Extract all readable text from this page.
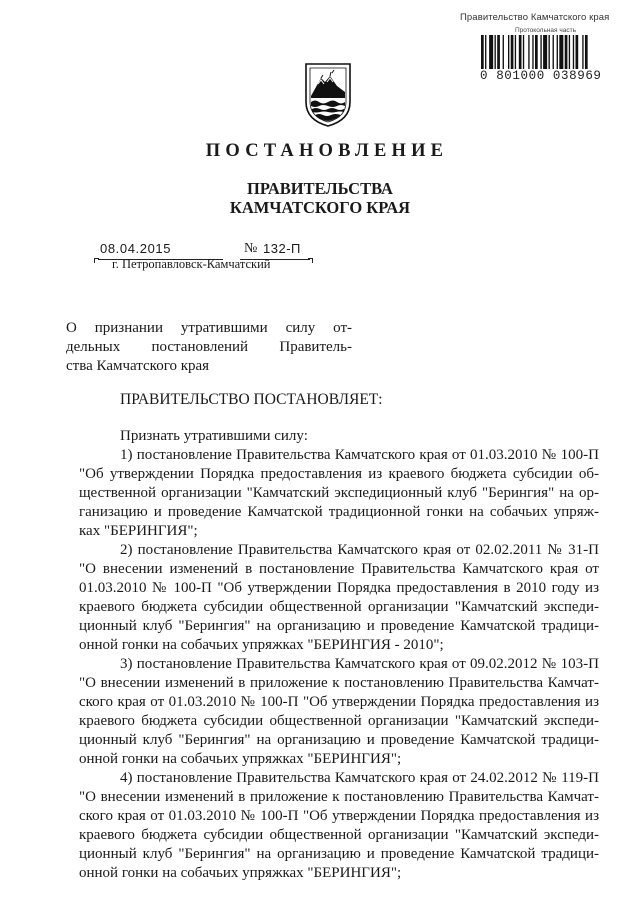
Правительство Камчатского края
Протокольная часть
0 801000 038969
ПОСТАНОВЛЕНИЕ
ПРАВИТЕЛЬСТВА
КАМЧАТСКОГО КРАЯ
08.04.2015	№ 132-П
г. Петропавловск-Камчатский
О признании утратившими силу от-
дельных постановлений Правитель-
ства Камчатского края
ПРАВИТЕЛЬСТВО ПОСТАНОВЛЯЕТ:
Признать утратившими силу:
1) постановление Правительства Камчатского края от 01.03.2010 № 100-П
"Об утверждении Порядка предоставления из краевого бюджета субсидии об-
щественной организации "Камчатский экспедиционный клуб "Берингия" на ор-
ганизацию и проведение Камчатской традиционной гонки на собачьих упряж-
ках "БЕРИНГИЯ";
2) постановление Правительства Камчатского края от 02.02.2011 № 31-П
"О внесении изменений в постановление Правительства Камчатского края от
01.03.2010 № 100-П "Об утверждении Порядка предоставления в 2010 году из
краевого бюджета субсидии общественной организации "Камчатский экспеди-
ционный клуб "Берингия" на организацию и проведение Камчатской традици-
онной гонки на собачьих упряжках "БЕРИНГИЯ - 2010";
3) постановление Правительства Камчатского края от 09.02.2012 № 103-П
"О внесении изменений в приложение к постановлению Правительства Камчат-
ского края от 01.03.2010 № 100-П "Об утверждении Порядка предоставления из
краевого бюджета субсидии общественной организации "Камчатский экспеди-
ционный клуб "Берингия" на организацию и проведение Камчатской традици-
онной гонки на собачьих упряжках "БЕРИНГИЯ";
4) постановление Правительства Камчатского края от 24.02.2012 № 119-П
"О внесении изменений в приложение к постановлению Правительства Камчат-
ского края от 01.03.2010 № 100-П "Об утверждении Порядка предоставления из
краевого бюджета субсидии общественной организации "Камчатский экспеди-
ционный клуб "Берингия" на организацию и проведение Камчатской традици-
онной гонки на собачьих упряжках "БЕРИНГИЯ";
